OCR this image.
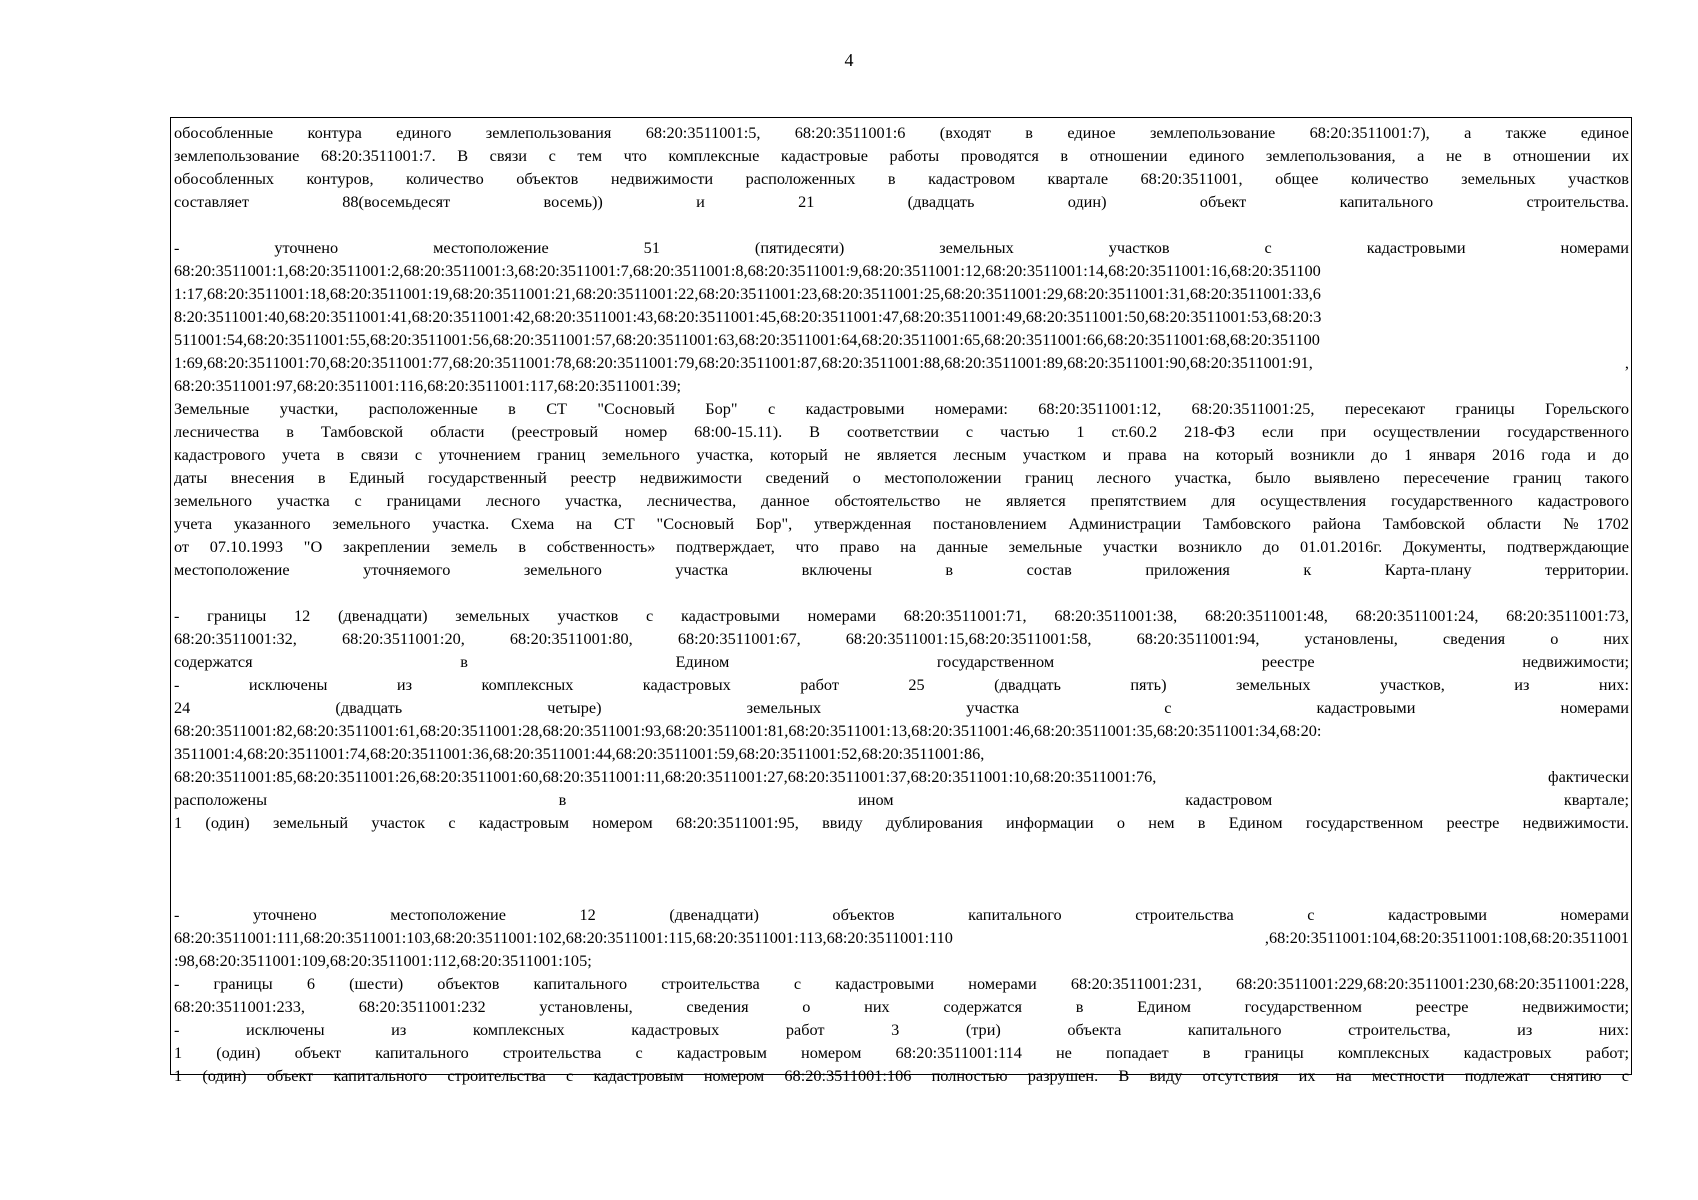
4

обособленные контура единого землепользования 68:20:3511001:5, 68:20:3511001:6 (входят в единое землепользование 68:20:3511001:7), а также единое

землепользование 68:20:3511001:7. В связи с тем что комплексные кадастровые работы проводятся в отношении единого землепользования, а не в отношении их

обособленных контуров, количество объектов недвижимости расположенных в кадастровом квартале 68:20:3511001, общее количество земельных участков

составляет 88(восемьдесят восемь)) и 21 (двадцать один) объект капитального строительства.

- уточнено местоположение 51 (пятидесяти) земельных участков с кадастровыми номерами

68:20:3511001:1,68:20:3511001:2,68:20:3511001:3,68:20:3511001:7,68:20:3511001:8,68:20:3511001:9,68:20:3511001:12,68:20:3511001:14,68:20:3511001:16,68:20:351100

1:17,68:20:3511001:18,68:20:3511001:19,68:20:3511001:21,68:20:3511001:22,68:20:3511001:23,68:20:3511001:25,68:20:3511001:29,68:20:3511001:31,68:20:3511001:33,6

8:20:3511001:40,68:20:3511001:41,68:20:3511001:42,68:20:3511001:43,68:20:3511001:45,68:20:3511001:47,68:20:3511001:49,68:20:3511001:50,68:20:3511001:53,68:20:3

511001:54,68:20:3511001:55,68:20:3511001:56,68:20:3511001:57,68:20:3511001:63,68:20:3511001:64,68:20:3511001:65,68:20:3511001:66,68:20:3511001:68,68:20:351100

1:69,68:20:3511001:70,68:20:3511001:77,68:20:3511001:78,68:20:3511001:79,68:20:3511001:87,68:20:3511001:88,68:20:3511001:89,68:20:3511001:90,68:20:3511001:91, ,

68:20:3511001:97,68:20:3511001:116,68:20:3511001:117,68:20:3511001:39;

Земельные участки, расположенные в СТ "Сосновый Бор" с кадастровыми номерами: 68:20:3511001:12, 68:20:3511001:25, пересекают границы Горельского

лесничества в Тамбовской области (реестровый номер 68:00-15.11). В соответствии с частью 1 ст.60.2 218-ФЗ если при осуществлении государственного

кадастрового учета в связи с уточнением границ земельного участка, который не является лесным участком и права на который возникли до 1 января 2016 года и до

даты внесения в Единый государственный реестр недвижимости сведений о местоположении границ лесного участка, было выявлено пересечение границ такого

земельного участка с границами лесного участка, лесничества, данное обстоятельство не является препятствием для осуществления государственного кадастрового

учета указанного земельного участка. Схема на СТ "Сосновый Бор", утвержденная постановлением Администрации Тамбовского района Тамбовской области №1702

от 07.10.1993 "О закреплении земель в собственность» подтверждает, что право на данные земельные участки возникло до 01.01.2016г. Документы, подтверждающие

местоположение уточняемого земельного участка включены в состав приложения к Карта-плану территории.

- границы 12 (двенадцати) земельных участков с кадастровыми номерами 68:20:3511001:71, 68:20:3511001:38, 68:20:3511001:48, 68:20:3511001:24, 68:20:3511001:73,

68:20:3511001:32, 68:20:3511001:20, 68:20:3511001:80, 68:20:3511001:67, 68:20:3511001:15,68:20:3511001:58, 68:20:3511001:94, установлены, сведения о них

содержатся в Едином государственном реестре недвижимости;

- исключены из комплексных кадастровых работ 25 (двадцать пять) земельных участков, из них:

24 (двадцать четыре) земельных участка с кадастровыми номерами

68:20:3511001:82,68:20:3511001:61,68:20:3511001:28,68:20:3511001:93,68:20:3511001:81,68:20:3511001:13,68:20:3511001:46,68:20:3511001:35,68:20:3511001:34,68:20:

3511001:4,68:20:3511001:74,68:20:3511001:36,68:20:3511001:44,68:20:3511001:59,68:20:3511001:52,68:20:3511001:86,

68:20:3511001:85,68:20:3511001:26,68:20:3511001:60,68:20:3511001:11,68:20:3511001:27,68:20:3511001:37,68:20:3511001:10,68:20:3511001:76, фактически

расположены в ином кадастровом квартале;

1 (один) земельный участок с кадастровым номером 68:20:3511001:95, ввиду дублирования информации о нем в Едином государственном реестре недвижимости.

- уточнено местоположение 12 (двенадцати) объектов капитального строительства с кадастровыми номерами

68:20:3511001:111,68:20:3511001:103,68:20:3511001:102,68:20:3511001:115,68:20:3511001:113,68:20:3511001:110 ,68:20:3511001:104,68:20:3511001:108,68:20:3511001

:98,68:20:3511001:109,68:20:3511001:112,68:20:3511001:105;

- границы 6 (шести) объектов капитального строительства с кадастровыми номерами 68:20:3511001:231, 68:20:3511001:229,68:20:3511001:230,68:20:3511001:228,

68:20:3511001:233, 68:20:3511001:232 установлены, сведения о них содержатся в Едином государственном реестре недвижимости;

- исключены из комплексных кадастровых работ 3 (три) объекта капитального строительства, из них:

1 (один) объект капитального строительства с кадастровым номером 68:20:3511001:114 не попадает в границы комплексных кадастровых работ;

1 (один) объект капитального строительства с кадастровым номером 68:20:3511001:106 полностью разрушен. В виду отсутствия их на местности подлежат снятию с
